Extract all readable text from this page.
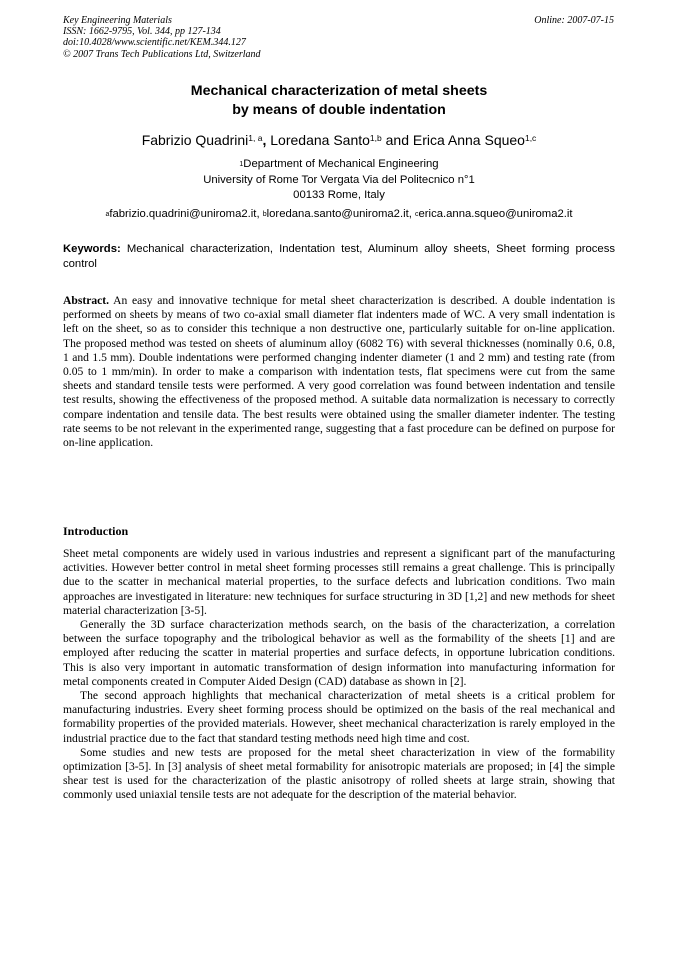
Key Engineering Materials
ISSN: 1662-9795, Vol. 344, pp 127-134
doi:10.4028/www.scientific.net/KEM.344.127
© 2007 Trans Tech Publications Ltd, Switzerland
Online: 2007-07-15
Mechanical characterization of metal sheets
by means of double indentation
Fabrizio Quadrini$^{1, a}$, Loredana Santo$^{1,b}$ and Erica Anna Squeo$^{1,c}$
$^1$Department of Mechanical Engineering
University of Rome Tor Vergata Via del Politecnico n°1
00133 Rome, Italy
$^a$fabrizio.quadrini@uniroma2.it, $^b$loredana.santo@uniroma2.it, $^c$erica.anna.squeo@uniroma2.it
Keywords: Mechanical characterization, Indentation test, Aluminum alloy sheets, Sheet forming process control
Abstract. An easy and innovative technique for metal sheet characterization is described. A double indentation is performed on sheets by means of two co-axial small diameter flat indenters made of WC. A very small indentation is left on the sheet, so as to consider this technique a non destructive one, particularly suitable for on-line application. The proposed method was tested on sheets of aluminum alloy (6082 T6) with several thicknesses (nominally 0.6, 0.8, 1 and 1.5 mm). Double indentations were performed changing indenter diameter (1 and 2 mm) and testing rate (from 0.05 to 1 mm/min). In order to make a comparison with indentation tests, flat specimens were cut from the same sheets and standard tensile tests were performed. A very good correlation was found between indentation and tensile test results, showing the effectiveness of the proposed method. A suitable data normalization is necessary to correctly compare indentation and tensile data. The best results were obtained using the smaller diameter indenter. The testing rate seems to be not relevant in the experimented range, suggesting that a fast procedure can be defined on purpose for on-line application.
Introduction

Sheet metal components are widely used in various industries and represent a significant part of the manufacturing activities. However better control in metal sheet forming processes still remains a great challenge. This is principally due to the scatter in mechanical material properties, to the surface defects and lubrication conditions. Two main approaches are investigated in literature: new techniques for surface structuring in 3D [1,2] and new methods for sheet material characterization [3-5].

Generally the 3D surface characterization methods search, on the basis of the characterization, a correlation between the surface topography and the tribological behavior as well as the formability of the sheets [1] and are employed after reducing the scatter in material properties and surface defects, in opportune lubrication conditions. This is also very important in automatic transformation of design information into manufacturing information for metal components created in Computer Aided Design (CAD) database as shown in [2].

The second approach highlights that mechanical characterization of metal sheets is a critical problem for manufacturing industries. Every sheet forming process should be optimized on the basis of the real mechanical and formability properties of the provided materials. However, sheet mechanical characterization is rarely employed in the industrial practice due to the fact that standard testing methods need high time and cost.

Some studies and new tests are proposed for the metal sheet characterization in view of the formability optimization [3-5]. In [3] analysis of sheet metal formability for anisotropic materials are proposed; in [4] the simple shear test is used for the characterization of the plastic anisotropy of rolled sheets at large strain, showing that commonly used uniaxial tensile tests are not adequate for the description of the material behavior.
